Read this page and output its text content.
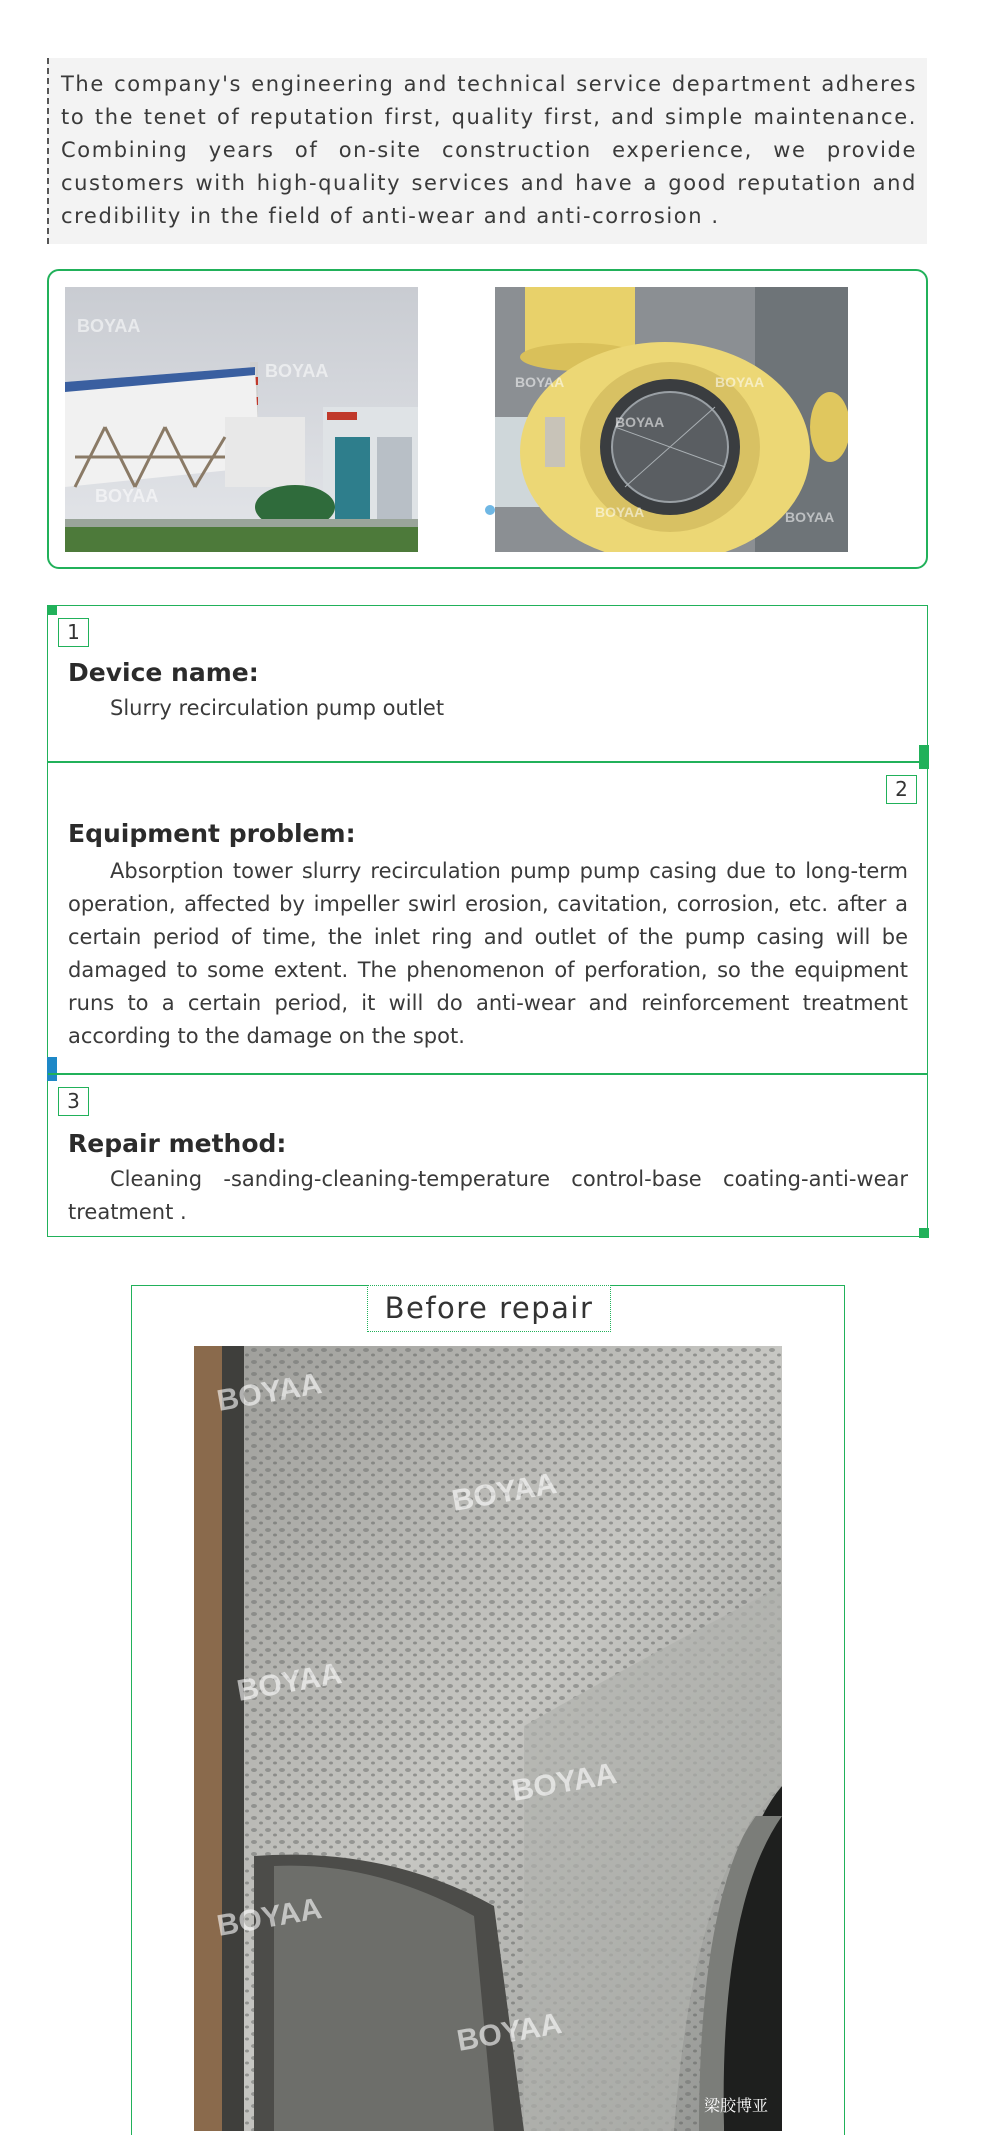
The company's engineering and technical service department adheres to the tenet of reputation first, quality first, and simple maintenance. Combining years of on-site construction experience, we provide customers with high-quality services and have a good reputation and credibility in the field of anti-wear and anti-corrosion .

BOYAA
BOYAA
BOYAA
BOYAA
BOYAA
BOYAA
BOYAA	BOYAA
1
Device name:

Slurry recirculation pump outlet

2
Equipment problem:

Absorption tower slurry recirculation pump pump casing due to long-term operation, affected by impeller swirl erosion, cavitation, corrosion, etc. after a certain period of time, the inlet ring and outlet of the pump casing will be damaged to some extent. The phenomenon of perforation, so the equipment runs to a certain period, it will do anti-wear and reinforcement treatment according to the damage on the spot.

3
Repair method:

Cleaning -sanding-cleaning-temperature control-base coating-anti-wear treatment .

Before repair
BOYAA
BOYAA
BOYAA
BOYAA
BOYAA
BOYAA
梁胶博亚
